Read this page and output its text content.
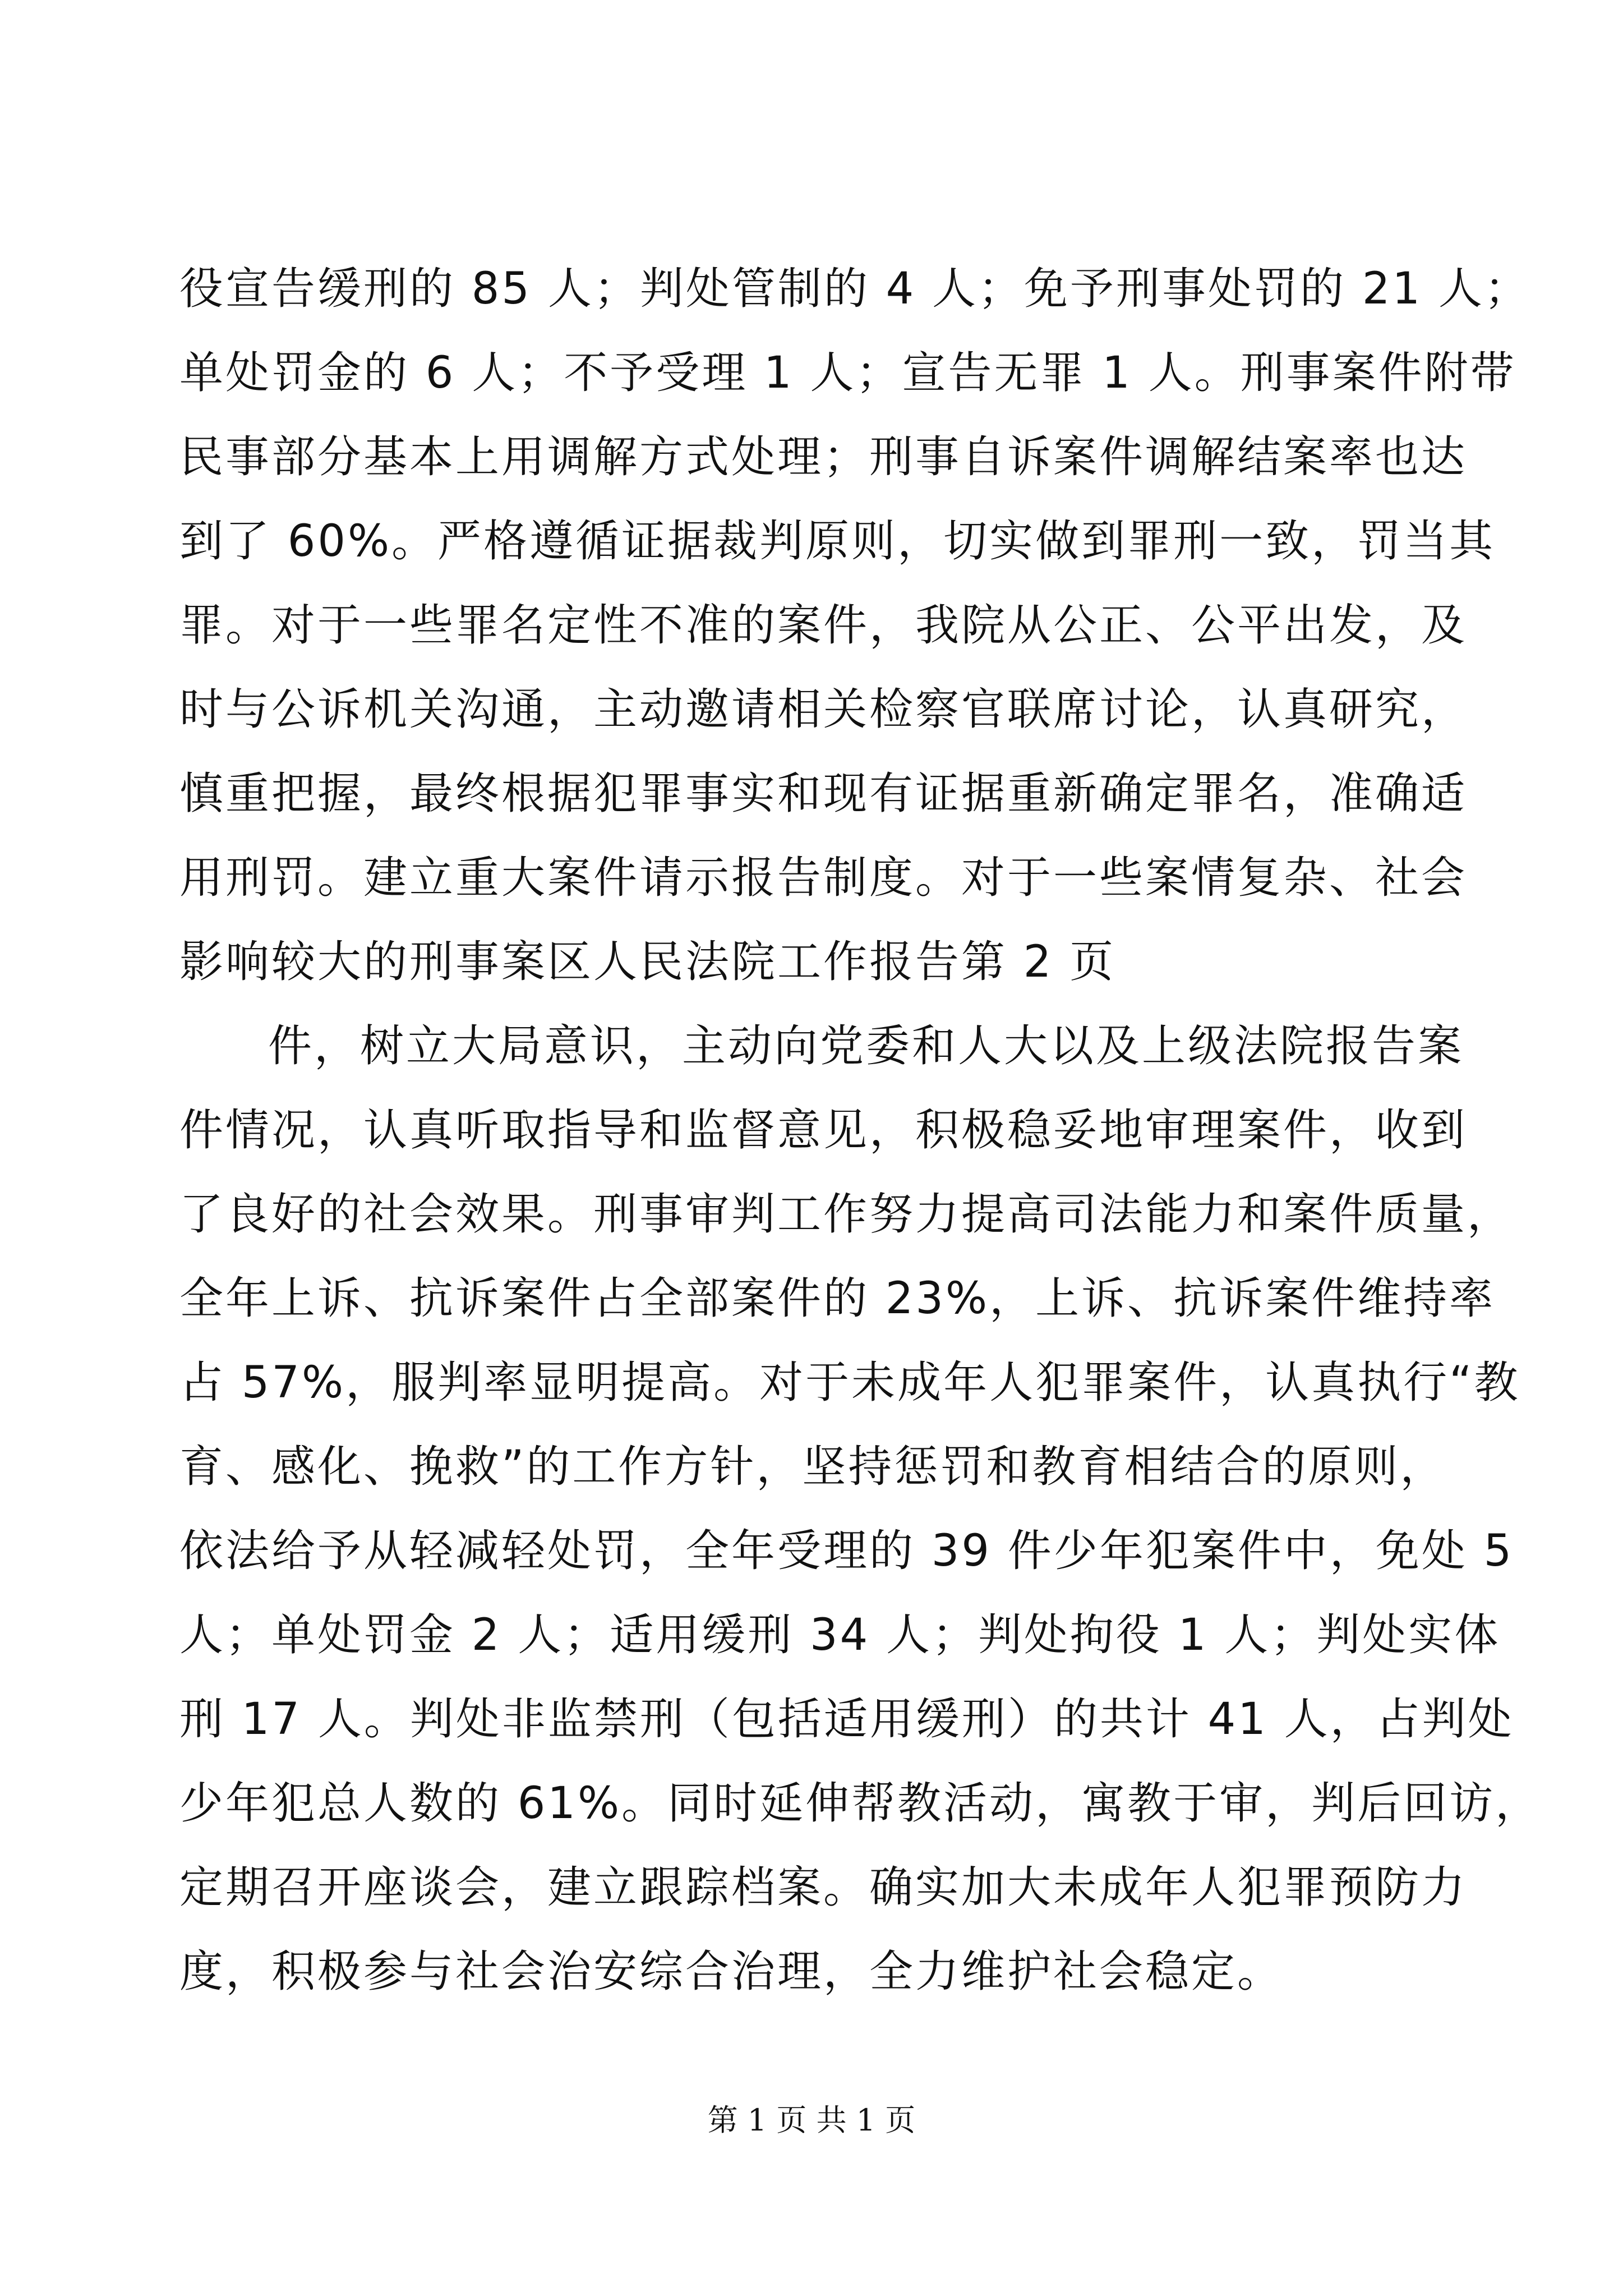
役宣告缓刑的 85 人；判处管制的 4 人；免予刑事处罚的 21 人；
单处罚金的 6 人；不予受理 1 人；宣告无罪 1 人。刑事案件附带
民事部分基本上用调解方式处理；刑事自诉案件调解结案率也达
到了 60%。严格遵循证据裁判原则，切实做到罪刑一致，罚当其
罪。对于一些罪名定性不准的案件，我院从公正、公平出发，及
时与公诉机关沟通，主动邀请相关检察官联席讨论，认真研究，
慎重把握，最终根据犯罪事实和现有证据重新确定罪名，准确适
用刑罚。建立重大案件请示报告制度。对于一些案情复杂、社会
影响较大的刑事案区人民法院工作报告第 2 页
件，树立大局意识，主动向党委和人大以及上级法院报告案
件情况，认真听取指导和监督意见，积极稳妥地审理案件，收到
了良好的社会效果。刑事审判工作努力提高司法能力和案件质量，
全年上诉、抗诉案件占全部案件的 23%，上诉、抗诉案件维持率
占 57%，服判率显明提高。对于未成年人犯罪案件，认真执行“教
育、感化、挽救”的工作方针，坚持惩罚和教育相结合的原则，
依法给予从轻减轻处罚，全年受理的 39 件少年犯案件中，免处 5
人；单处罚金 2 人；适用缓刑 34 人；判处拘役 1 人；判处实体
刑 17 人。判处非监禁刑（包括适用缓刑）的共计 41 人，占判处
少年犯总人数的 61%。同时延伸帮教活动，寓教于审，判后回访，
定期召开座谈会，建立跟踪档案。确实加大未成年人犯罪预防力
度，积极参与社会治安综合治理，全力维护社会稳定。
第 1 页 共 1 页
